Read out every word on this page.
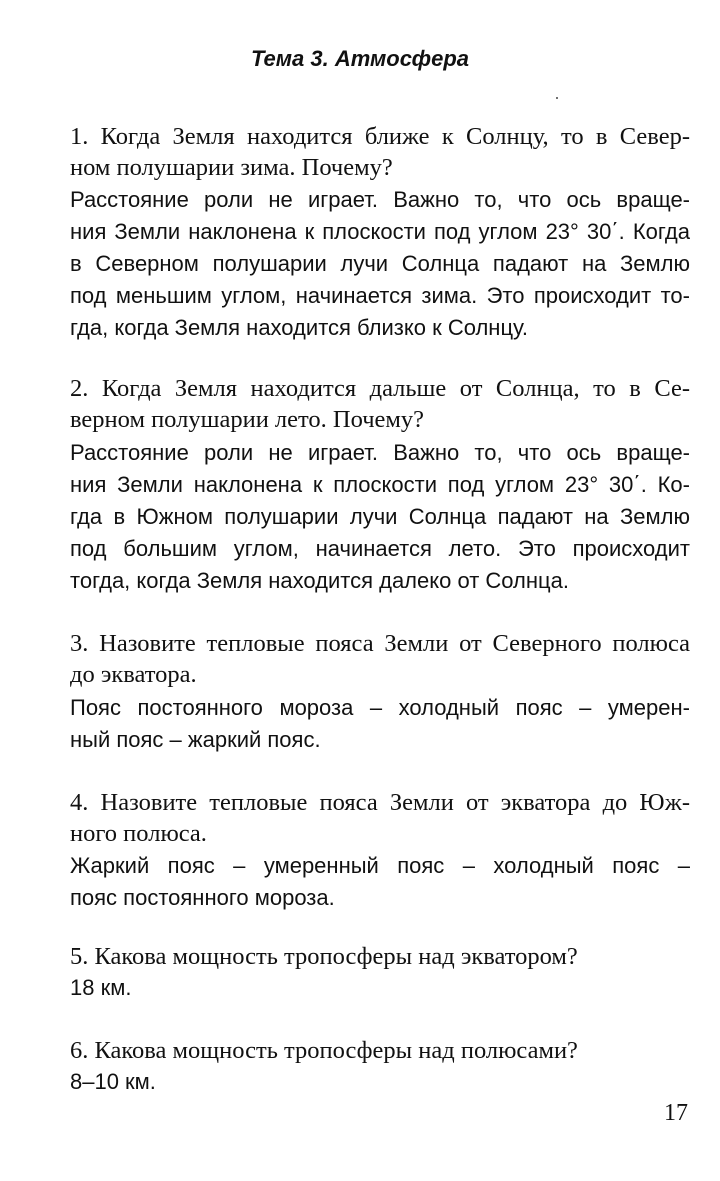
Тема 3. Атмосфера
1. Когда Земля находится ближе к Солнцу, то в Север-
ном полушарии зима. Почему?
Расстояние роли не играет. Важно то, что ось враще-
ния Земли наклонена к плоскости под углом 23° 30΄. Когда
в Северном полушарии лучи Солнца падают на Землю
под меньшим углом, начинается зима. Это происходит то-
гда, когда Земля находится близко к Солнцу.
2. Когда Земля находится дальше от Солнца, то в Се-
верном полушарии лето. Почему?
Расстояние роли не играет. Важно то, что ось враще-
ния Земли наклонена к плоскости под углом 23° 30΄. Ко-
гда в Южном полушарии лучи Солнца падают на Землю
под большим углом, начинается лето. Это происходит
тогда, когда Земля находится далеко от Солнца.
3. Назовите тепловые пояса Земли от Северного полюса
до экватора.
Пояс постоянного мороза – холодный пояс – умерен-
ный пояс – жаркий пояс.
4. Назовите тепловые пояса Земли от экватора до Юж-
ного полюса.
Жаркий пояс – умеренный пояс – холодный пояс –
пояс постоянного мороза.
5. Какова мощность тропосферы над экватором?
18 км.
6. Какова мощность тропосферы над полюсами?
8–10 км.
17
